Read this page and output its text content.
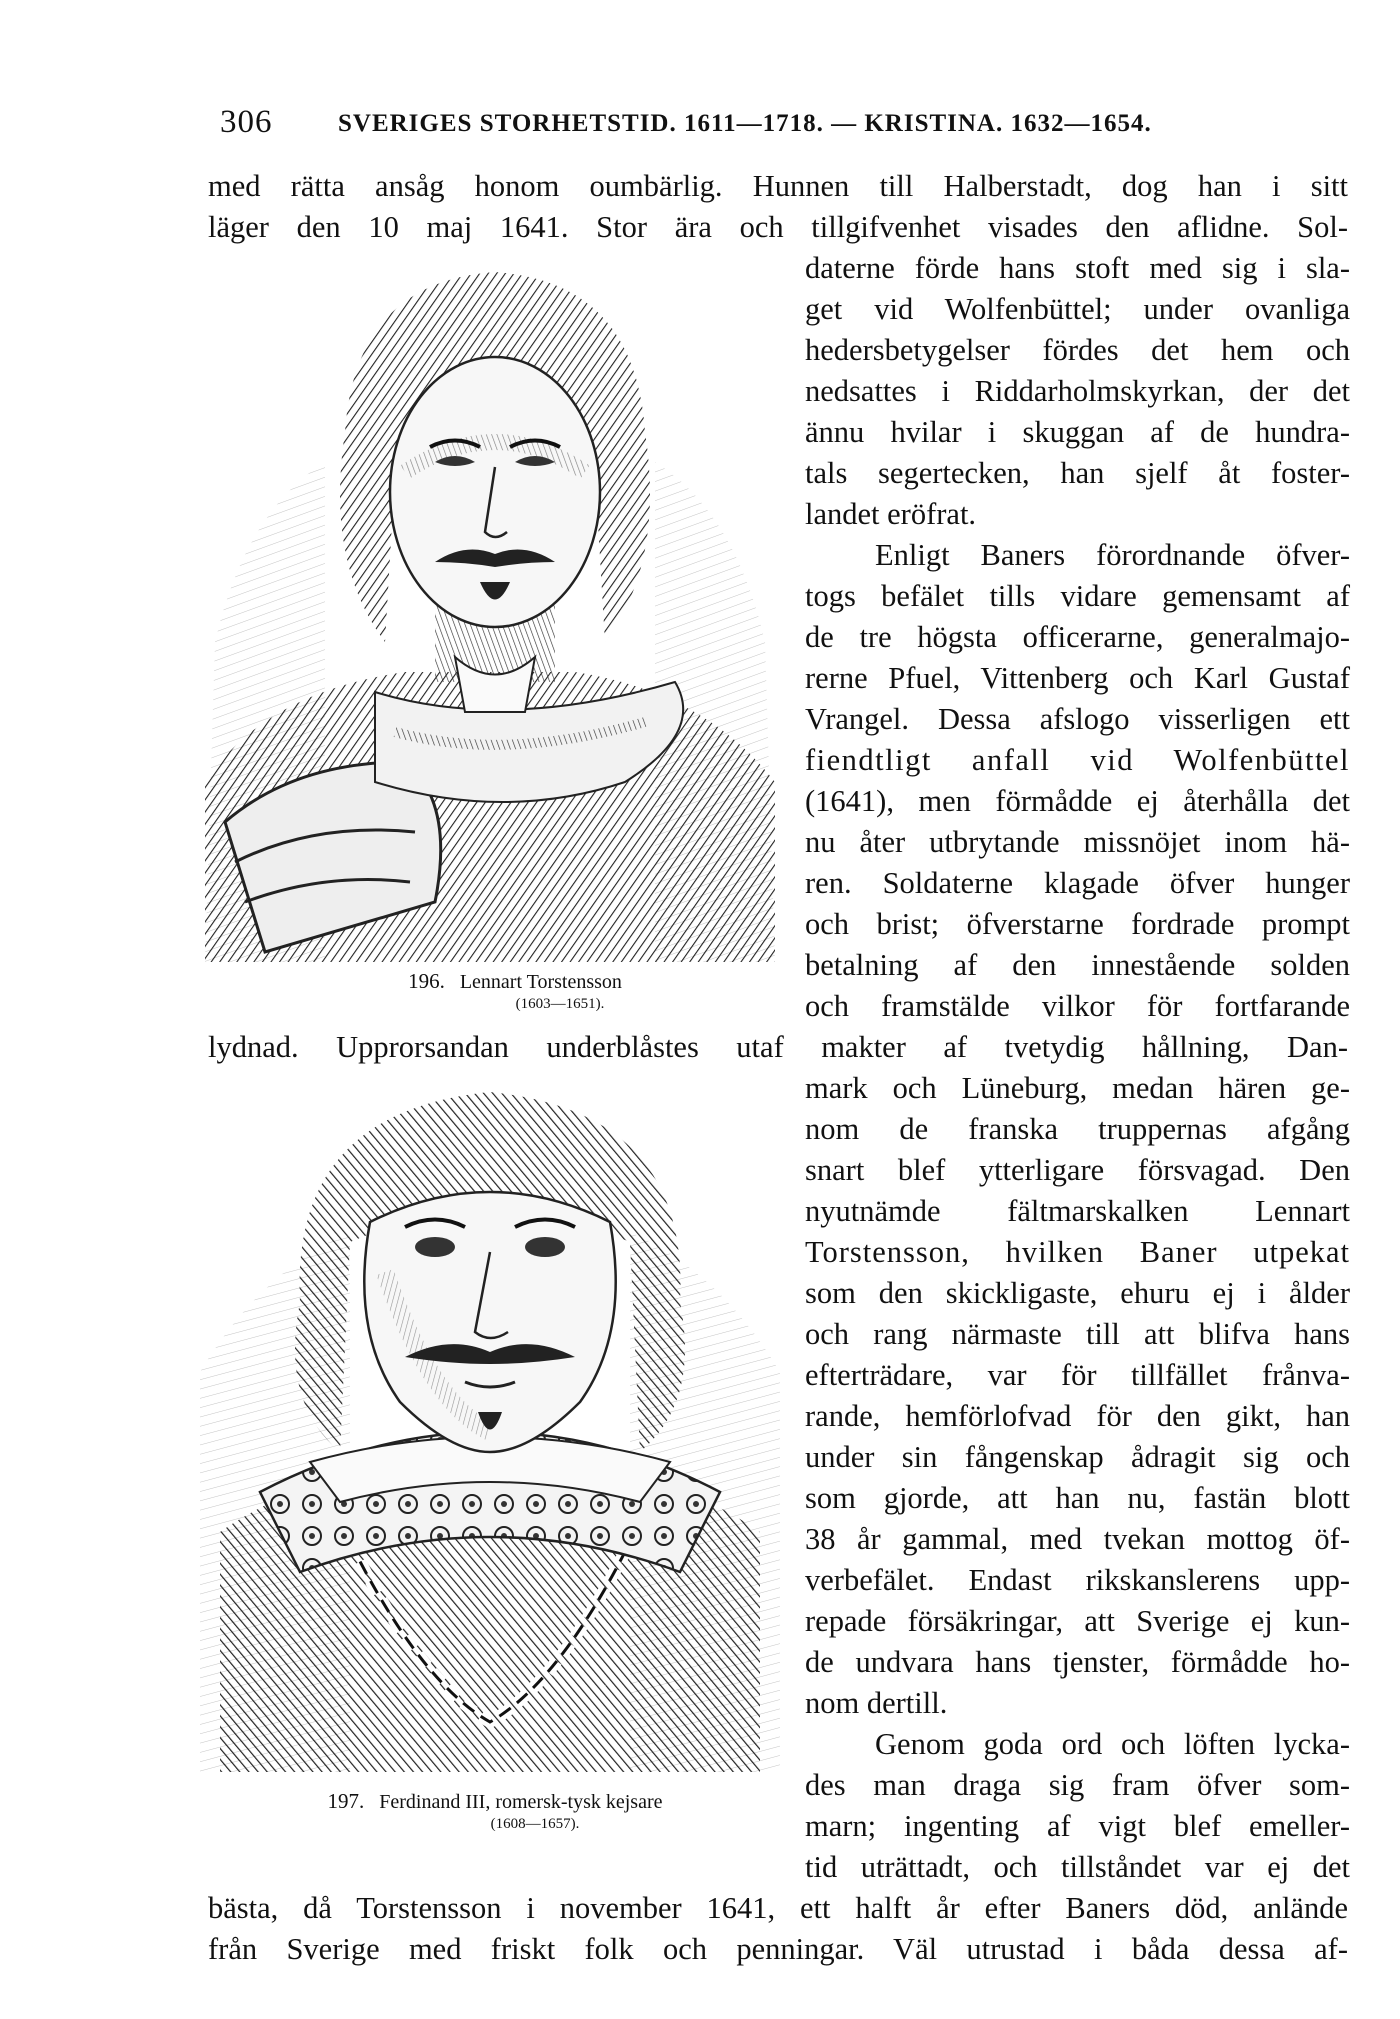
306	SVERIGES STORHETSTID. 1611—1718. — KRISTINA. 1632—1654.
196. Lennart Torstensson
(1603—1651).
197. Ferdinand III, romersk-tysk kejsare
(1608—1657).
med rätta ansåg honom oumbärlig. Hunnen till Halberstadt, dog han i sitt
läger den 10 maj 1641. Stor ära och tillgifvenhet visades den aflidne. Sol-
daterne förde hans stoft med sig i sla-
get vid Wolfenbüttel; under ovanliga
hedersbetygelser fördes det hem och
nedsattes i Riddarholmskyrkan, der det
ännu hvilar i skuggan af de hundra-
tals segertecken, han sjelf åt foster-
landet eröfrat.
Enligt Baners förordnande öfver-
togs befälet tills vidare gemensamt af
de tre högsta officerarne, generalmajo-
rerne Pfuel, Vittenberg och Karl Gustaf
Vrangel. Dessa afslogo visserligen ett
fiendtligt anfall vid Wolfenbüttel
(1641), men förmådde ej återhålla det
nu åter utbrytande missnöjet inom hä-
ren. Soldaterne klagade öfver hunger
och brist; öfverstarne fordrade prompt
betalning af den innestående solden
och framstälde vilkor för fortfarande
lydnad. Upprorsandan underblåstes utaf makter af tvetydig hållning, Dan-
mark och Lüneburg, medan hären ge-
nom de franska truppernas afgång
snart blef ytterligare försvagad. Den
nyutnämde fältmarskalken Lennart
Torstensson, hvilken Baner utpekat
som den skickligaste, ehuru ej i ålder
och rang närmaste till att blifva hans
efterträdare, var för tillfället frånva-
rande, hemförlofvad för den gikt, han
under sin fångenskap ådragit sig och
som gjorde, att han nu, fastän blott
38 år gammal, med tvekan mottog öf-
verbefälet. Endast rikskanslerens upp-
repade försäkringar, att Sverige ej kun-
de undvara hans tjenster, förmådde ho-
nom dertill.
Genom goda ord och löften lycka-
des man draga sig fram öfver som-
marn; ingenting af vigt blef emeller-
tid uträttadt, och tillståndet var ej det
bästa, då Torstensson i november 1641, ett halft år efter Baners död, anlände
från Sverige med friskt folk och penningar. Väl utrustad i båda dessa af-
